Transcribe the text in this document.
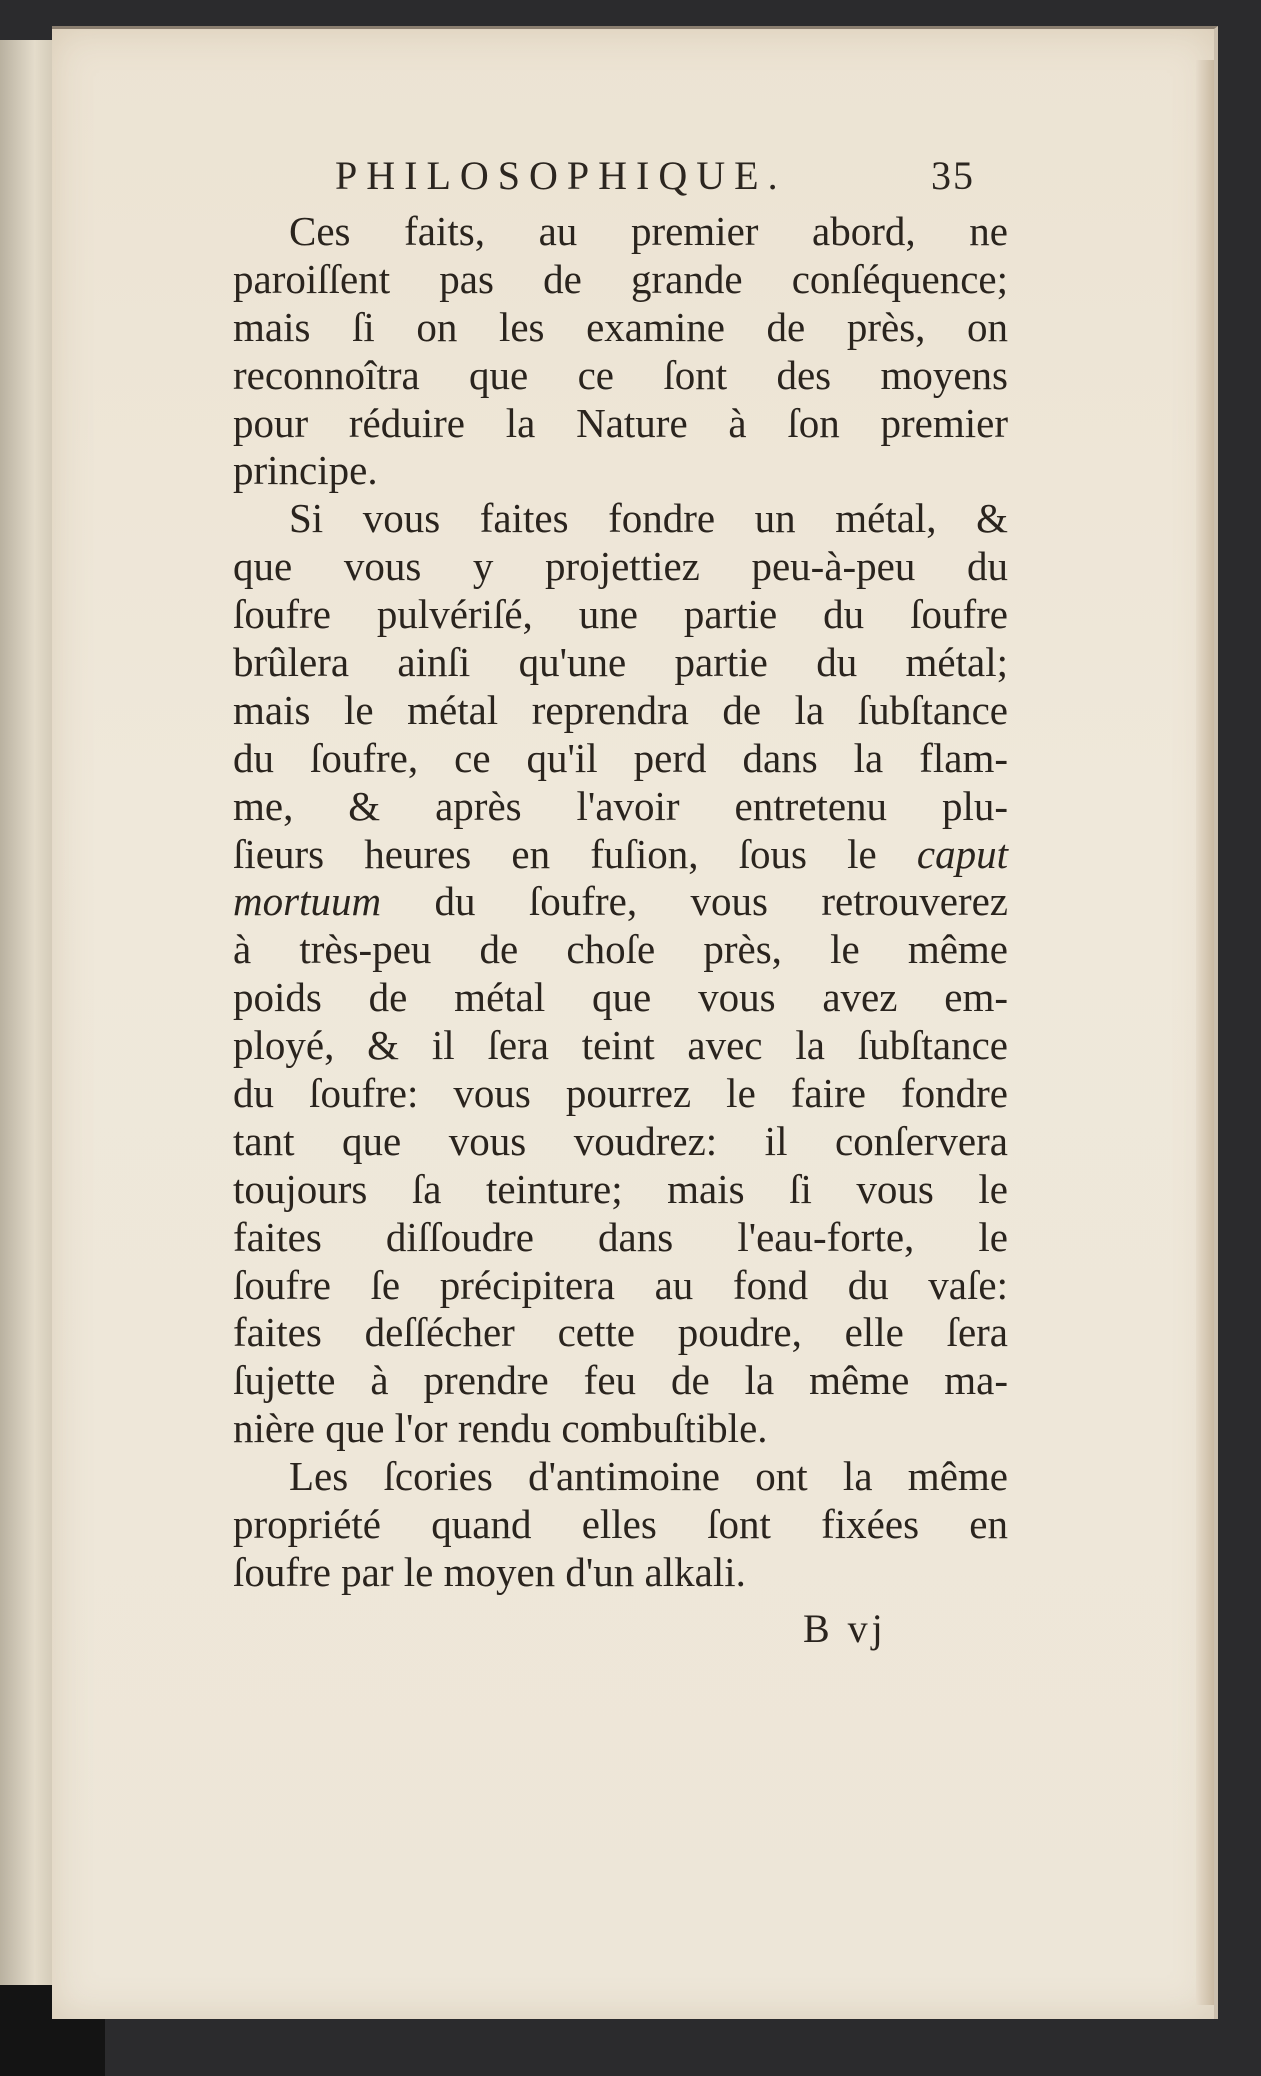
PHILOSOPHIQUE.	35
Ces faits, au premier abord, ne
paroiſſent pas de grande conſéquence;
mais ſi on les examine de près, on
reconnoîtra que ce ſont des moyens
pour réduire la Nature à ſon premier
principe.
Si vous faites fondre un métal, &
que vous y projettiez peu-à-peu du
ſoufre pulvériſé, une partie du ſoufre
brûlera ainſi qu'une partie du métal;
mais le métal reprendra de la ſubſtance
du ſoufre, ce qu'il perd dans la flam-
me, & après l'avoir entretenu plu-
ſieurs heures en fuſion, ſous le caput
mortuum du ſoufre, vous retrouverez
à très-peu de choſe près, le même
poids de métal que vous avez em-
ployé, & il ſera teint avec la ſubſtance
du ſoufre: vous pourrez le faire fondre
tant que vous voudrez: il conſervera
toujours ſa teinture; mais ſi vous le
faites diſſoudre dans l'eau-forte, le
ſoufre ſe précipitera au fond du vaſe:
faites deſſécher cette poudre, elle ſera
ſujette à prendre feu de la même ma-
nière que l'or rendu combuſtible.
Les ſcories d'antimoine ont la même
propriété quand elles ſont fixées en
ſoufre par le moyen d'un alkali.
B vj
